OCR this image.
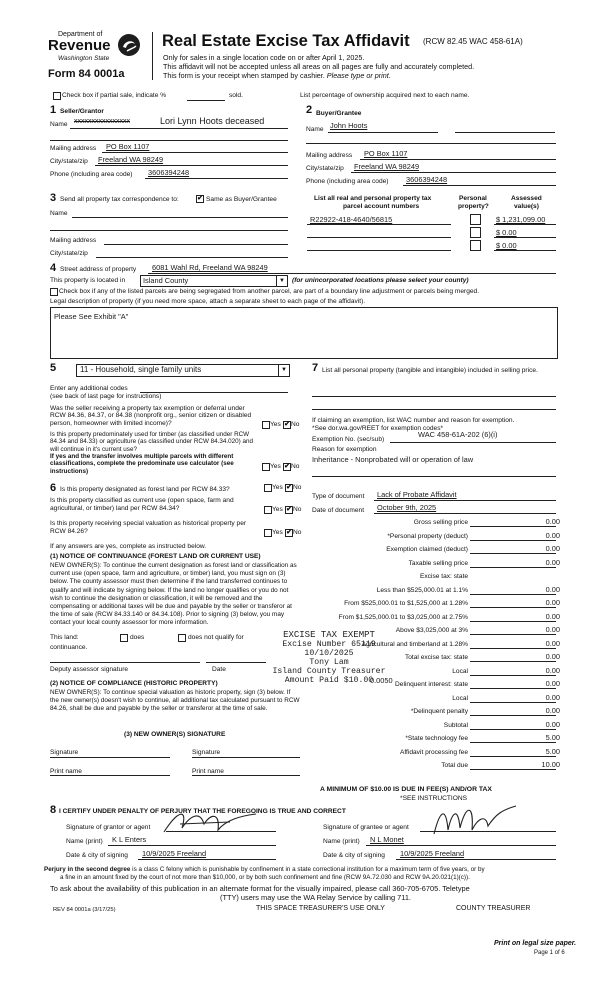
Department of
Revenue
Washington State
Form 84 0001a
Real Estate Excise Tax Affidavit (RCW 82.45 WAC 458-61A)
Only for sales in a single location code on or after April 1, 2025.
This affidavit will not be accepted unless all areas on all pages are fully and accurately completed.
This form is your receipt when stamped by cashier. Please type or print.
Check box if partial sale, indicate %	sold.	List percentage of ownership acquired next to each name.
1 Seller/Grantor
Name xxxxxxxxxxxxxxxx	Lori Lynn Hoots deceased
Mailing address PO Box 1107
City/state/zip Freeland WA 98249
Phone (including area code) 3606394248
2 Buyer/Grantee
Name John Hoots
Mailing address PO Box 1107
City/state/zip Freeland WA 98249
Phone (including area code) 3606394248
3 Send all property tax correspondence to:	✔ Same as Buyer/Grantee
Name
Mailing address
City/state/zip
List all real and personal property tax
parcel account numbers
Personal
property?
Assessed
value(s)
R22922-418-4640/56815	$ 1,231,099.00
$ 0.00
$ 0.00
4 Street address of property 6081 Wahl Rd, Freeland WA 98249
This property is located in Island County	▼	(for unincorporated locations please select your county)
Check box if any of the listed parcels are being segregated from another parcel, are part of a boundary line adjustment or parcels being merged.
Legal description of property (if you need more space, attach a separate sheet to each page of the affidavit).
Please See Exhibit "A"
5	11 - Household, single family units	▼
Enter any additional codes
(see back of last page for instructions)
Was the seller receiving a property tax exemption or deferral under RCW 84.36, 84.37, or 84.38 (nonprofit org., senior citizen or disabled person, homeowner with limited income)?	Yes ✔ No
Is this property predominately used for timber (as classified under RCW 84.34 and 84.33) or agriculture (as classified under RCW 84.34.020) and will continue in it's current use?
If yes and the transfer involves multiple parcels with different classifications, complete the predominate use calculator (see instructions)
Yes ✔ No
7 List all personal property (tangible and intangible) included in selling price.
If claiming an exemption, list WAC number and reason for exemption.
*See dor.wa.gov/REET for exemption codes*
Exemption No. (sec/sub)
WAC 458-61A-202 (6)(i)
Reason for exemption
Inheritance - Nonprobated will or operation of law
6 Is this property designated as forest land per RCW 84.33?	Yes ✔ No
Is this property classified as current use (open space, farm and agricultural, or timber) land per RCW 84.34?	Yes ✔ No
Is this property receiving special valuation as historical property per RCW 84.26?	Yes ✔ No
If any answers are yes, complete as instructed below.
(1) NOTICE OF CONTINUANCE (FOREST LAND OR CURRENT USE)
NEW OWNER(S): To continue the current designation as forest land or classification as current use (open space, farm and agriculture, or timber) land, you must sign on (3) below. The county assessor must then determine if the land transferred continues to qualify and will indicate by signing below. If the land no longer qualifies or you do not wish to continue the designation or classification, it will be removed and the compensating or additional taxes will be due and payable by the seller or transferor at the time of sale (RCW 84.33.140 or 84.34.108). Prior to signing (3) below, you may contact your local county assessor for more information.
This land:	does	does not qualify for
continuance.
Deputy assessor signature	Date
(2) NOTICE OF COMPLIANCE (HISTORIC PROPERTY)
NEW OWNER(S): To continue special valuation as historic property, sign (3) below. If the new owner(s) doesn't wish to continue, all additional tax calculated pursuant to RCW 84.26, shall be due and payable by the seller or transferor at the time of sale.
(3) NEW OWNER(S) SIGNATURE
Signature	Signature
Print name	Print name
Type of document Lack of Probate Affidavit
Date of document October 9th, 2025
Gross selling price	0.00
*Personal property (deduct)	0.00
Exemption claimed (deduct)	0.00
Taxable selling price	0.00
Excise tax: state
Less than $525,000.01 at 1.1%	0.00
From $525,000.01 to $1,525,000 at 1.28%	0.00
From $1,525,000.01 to $3,025,000 at 2.75%	0.00
Above $3,025,000 at 3%	0.00
Agricultural and timberland at 1.28%	0.00
Total excise tax: state	0.00
Local	0.00
Delinquent interest: state	0.00
Local	0.00
*Delinquent penalty	0.00
Subtotal	0.00
*State technology fee	5.00
Affidavit processing fee	5.00
Total due	10.00
0.0050
EXCISE TAX EXEMPT
Excise Number 65119
10/10/2025
Tony Lam
Island County Treasurer
Amount Paid $10.00
A MINIMUM OF $10.00 IS DUE IN FEE(S) AND/OR TAX
*SEE INSTRUCTIONS
8 I CERTIFY UNDER PENALTY OF PERJURY THAT THE FOREGOING IS TRUE AND CORRECT
Signature of grantor or agent
Name (print) K L Enters
Date & city of signing 10/9/2025 Freeland
Signature of grantee or agent
Name (print) N L Monet
Date & city of signing 10/9/2025 Freeland
Perjury in the second degree is a class C felony which is punishable by confinement in a state correctional institution for a maximum term of five years, or by
a fine in an amount fixed by the court of not more than $10,000, or by both such confinement and fine (RCW 9A.72.030 and RCW 9A.20.021(1)(c)).
To ask about the availability of this publication in an alternate format for the visually impaired, please call 360-705-6705. Teletype
(TTY) users may use the WA Relay Service by calling 711.
REV 84 0001a (3/17/25)	THIS SPACE TREASURER'S USE ONLY	COUNTY TREASURER
Print on legal size paper.
Page 1 of 6
